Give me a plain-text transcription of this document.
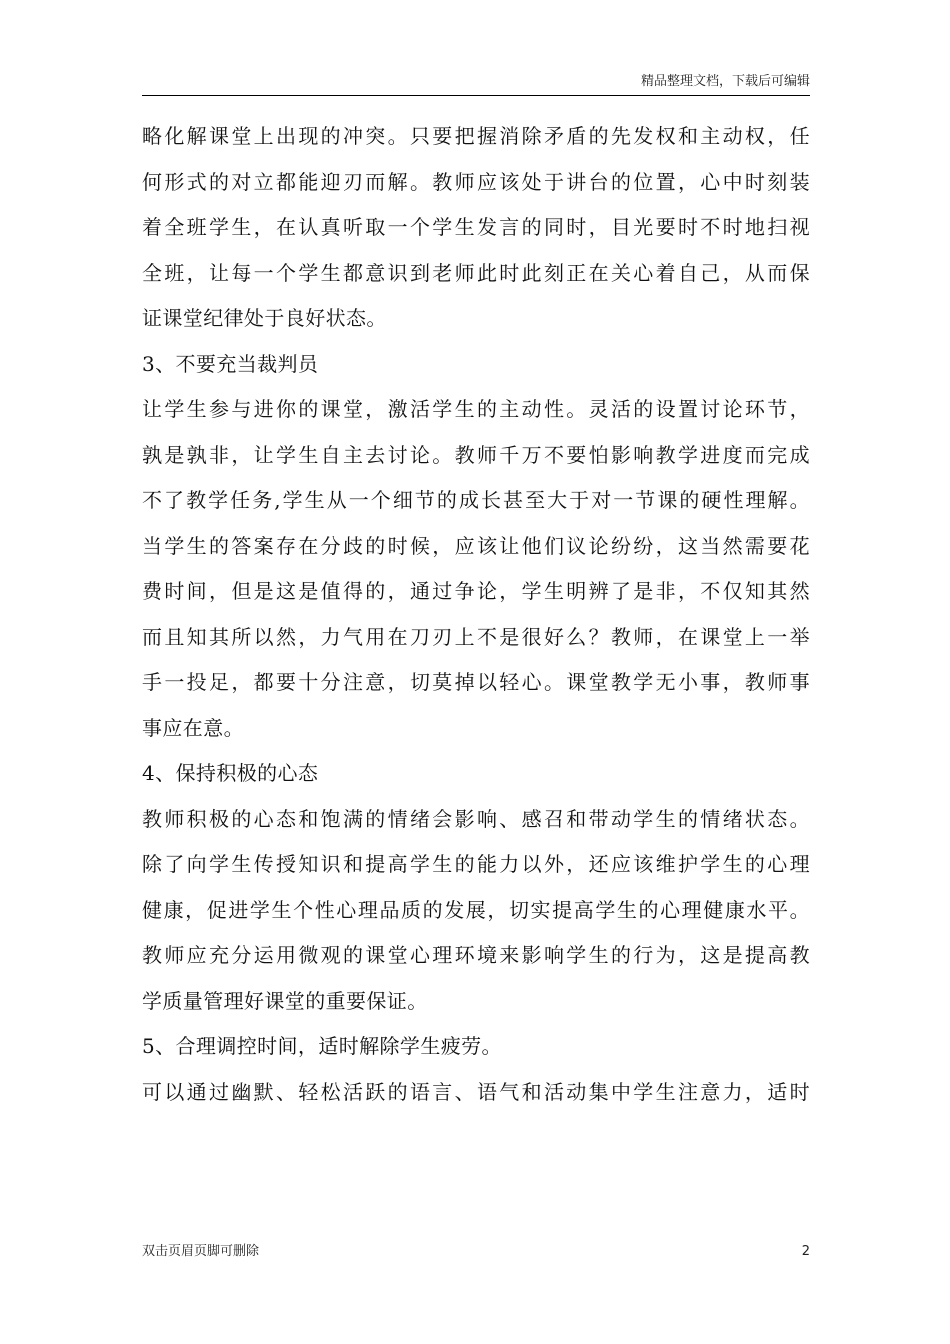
精品整理文档，下载后可编辑
略化解课堂上出现的冲突。只要把握消除矛盾的先发权和主动权，任
何形式的对立都能迎刃而解。教师应该处于讲台的位置，心中时刻装
着全班学生，在认真听取一个学生发言的同时，目光要时不时地扫视
全班，让每一个学生都意识到老师此时此刻正在关心着自己，从而保
证课堂纪律处于良好状态。
3、不要充当裁判员
让学生参与进你的课堂，激活学生的主动性。灵活的设置讨论环节，
孰是孰非，让学生自主去讨论。教师千万不要怕影响教学进度而完成
不了教学任务,学生从一个细节的成长甚至大于对一节课的硬性理解。
当学生的答案存在分歧的时候，应该让他们议论纷纷，这当然需要花
费时间，但是这是值得的，通过争论，学生明辨了是非，不仅知其然
而且知其所以然，力气用在刀刃上不是很好么？教师，在课堂上一举
手一投足，都要十分注意，切莫掉以轻心。课堂教学无小事，教师事
事应在意。
4、保持积极的心态
教师积极的心态和饱满的情绪会影响、感召和带动学生的情绪状态。
除了向学生传授知识和提高学生的能力以外，还应该维护学生的心理
健康，促进学生个性心理品质的发展，切实提高学生的心理健康水平。
教师应充分运用微观的课堂心理环境来影响学生的行为，这是提高教
学质量管理好课堂的重要保证。
5、合理调控时间，适时解除学生疲劳。
可以通过幽默、轻松活跃的语言、语气和活动集中学生注意力，适时
双击页眉页脚可删除	2
